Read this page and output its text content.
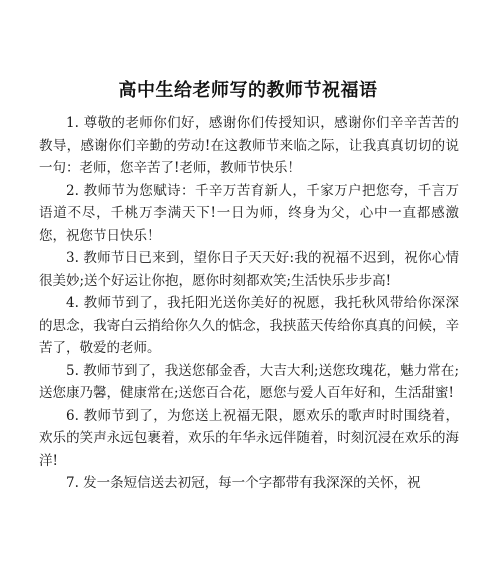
高中生给老师写的教师节祝福语

1. 尊敬的老师你们好，感谢你们传授知识，感谢你们辛辛苦苦的教导，感谢你们辛勤的劳动!在这教师节来临之际，让我真真切切的说一句：老师，您辛苦了!老师，教师节快乐！

2. 教师节为您赋诗：千辛万苦育新人，千家万户把您夸，千言万语道不尽，千桃万李满天下!一日为师，终身为父，心中一直都感激您，祝您节日快乐！

3. 教师节日已来到，望你日子天天好:我的祝福不迟到，祝你心情很美妙;送个好运让你抱，愿你时刻都欢笑;生活快乐步步高!

4. 教师节到了，我托阳光送你美好的祝愿，我托秋风带给你深深的思念，我寄白云捎给你久久的惦念，我挟蓝天传给你真真的问候，辛苦了，敬爱的老师。

5. 教师节到了，我送您郁金香，大吉大利;送您玫瑰花，魅力常在;送您康乃馨，健康常在;送您百合花，愿您与爱人百年好和，生活甜蜜!

6. 教师节到了，为您送上祝福无限，愿欢乐的歌声时时围绕着，欢乐的笑声永远包裹着，欢乐的年华永远伴随着，时刻沉浸在欢乐的海洋!

7. 发一条短信送去初冠，每一个字都带有我深深的关怀，祝
